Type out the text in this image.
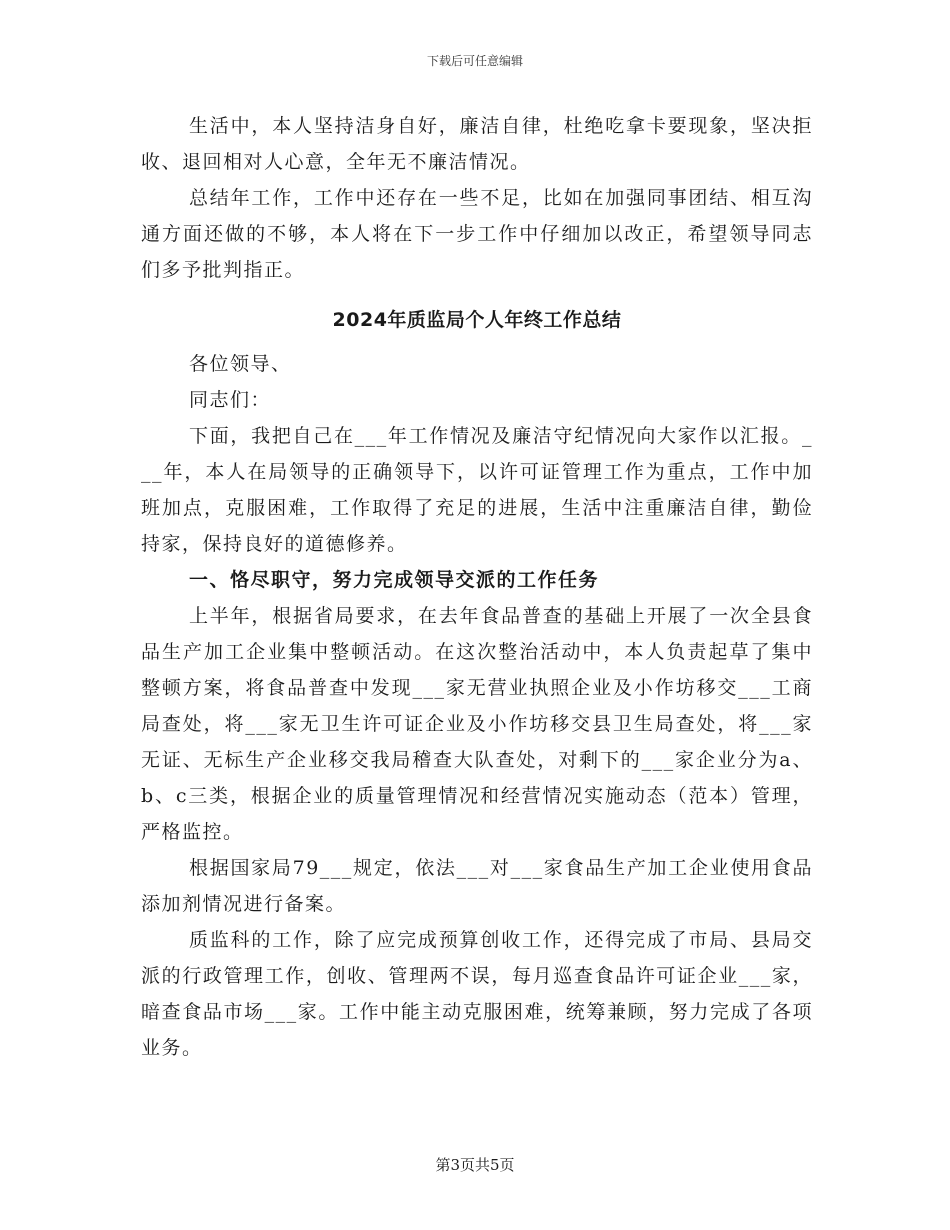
下载后可任意编辑

生活中，本人坚持洁身自好，廉洁自律，杜绝吃拿卡要现象，坚决拒收、退回相对人心意，全年无不廉洁情况。

总结年工作，工作中还存在一些不足，比如在加强同事团结、相互沟通方面还做的不够，本人将在下一步工作中仔细加以改正，希望领导同志们多予批判指正。

2024年质监局个人年终工作总结

各位领导、

同志们：

下面，我把自己在___年工作情况及廉洁守纪情况向大家作以汇报。___年，本人在局领导的正确领导下，以许可证管理工作为重点，工作中加班加点，克服困难，工作取得了充足的进展，生活中注重廉洁自律，勤俭持家，保持良好的道德修养。

一、恪尽职守，努力完成领导交派的工作任务

上半年，根据省局要求，在去年食品普查的基础上开展了一次全县食品生产加工企业集中整顿活动。在这次整治活动中，本人负责起草了集中整顿方案，将食品普查中发现___家无营业执照企业及小作坊移交___工商局查处，将___家无卫生许可证企业及小作坊移交县卫生局查处，将___家无证、无标生产企业移交我局稽查大队查处，对剩下的___家企业分为a、b、c三类，根据企业的质量管理情况和经营情况实施动态（范本）管理，严格监控。

根据国家局79___规定，依法___对___家食品生产加工企业使用食品添加剂情况进行备案。

质监科的工作，除了应完成预算创收工作，还得完成了市局、县局交派的行政管理工作，创收、管理两不误，每月巡查食品许可证企业___家，暗查食品市场___家。工作中能主动克服困难，统筹兼顾，努力完成了各项业务。

第3页共5页
